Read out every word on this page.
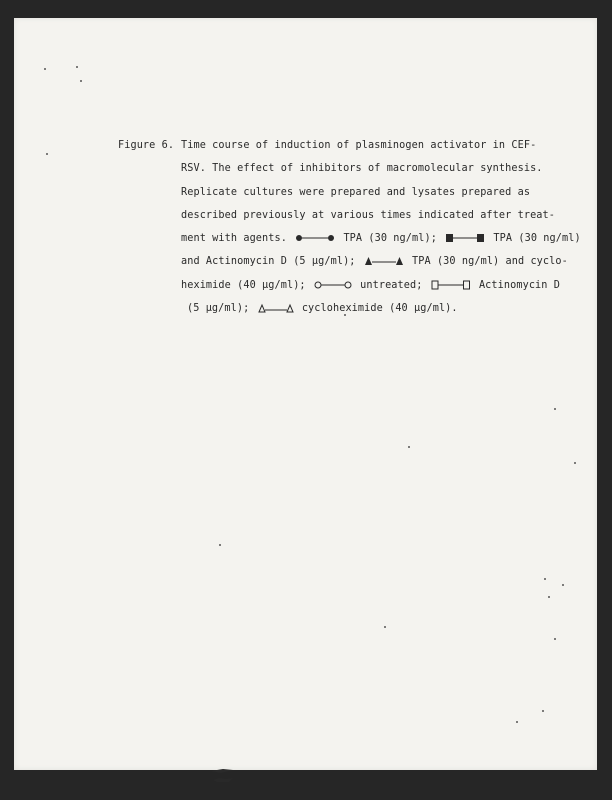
Figure 6. Time course of induction of plasminogen activator in CEF-
RSV. The effect of inhibitors of macromolecular synthesis.
Replicate cultures were prepared and lysates prepared as
described previously at various times indicated after treat-
ment with agents.	TPA (30 ng/ml);	TPA (30 ng/ml)
and Actinomycin D (5 μg/ml);	TPA (30 ng/ml) and cyclo-
heximide (40 μg/ml);	untreated;	Actinomycin D
(5 μg/ml);	cycloheximide (40 μg/ml).
